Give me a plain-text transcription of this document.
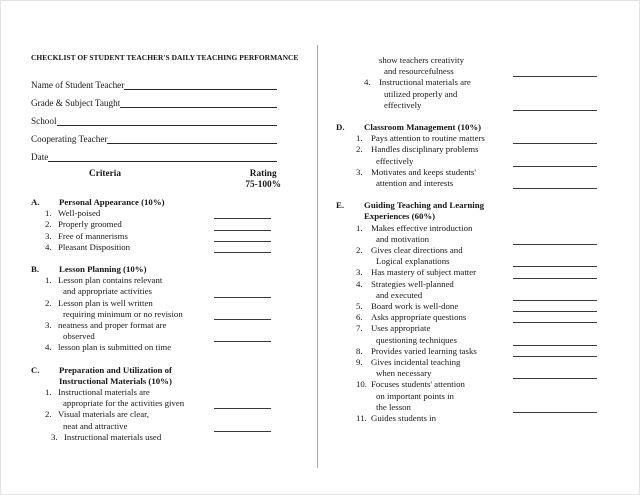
CHECKLIST OF STUDENT TEACHER'S DAILY TEACHING PERFORMANCE
Name of Student Teacher
Grade & Subject Taught
School
Cooperating Teacher
Date
Criteria	Rating
75-100%
A.	Personal Appearance (10%)
1. Well-poised
2. Properly groomed
3. Free of mannerisms
4. Pleasant Disposition
B.	Lesson Planning (10%)
1. Lesson plan contains relevant
and appropriate activities
2. Lesson plan is well written
requiring minimum or no revision
3. neatness and proper format are
observed
4. lesson plan is submitted on time
C.	Preparation and Utilization of
Instructional Materials (10%)
1. Instructional materials are
appropriate for the activities given
2. Visual materials are clear,
neat and attractive
3. Instructional materials used
show teachers creativity
and resourcefulness
4. Instructional materials are
utilized properly and
effectively
D.	Classroom Management (10%)
1. Pays attention to routine matters
2. Handles disciplinary problems
effectively
3. Motivates and keeps students'
attention and interests
E.	Guiding Teaching and Learning
Experiences (60%)
1. Makes effective introduction
and motivation
2. Gives clear directions and
Logical explanations
3. Has mastery of subject matter
4. Strategies well-planned
and executed
5. Board work is well-done
6. Asks appropriate questions
7. Uses appropriate
questioning techniques
8. Provides varied learning tasks
9. Gives incidental teaching
when necessary
10. Focuses students' attention
on important points in
the lesson
11. Guides students in
